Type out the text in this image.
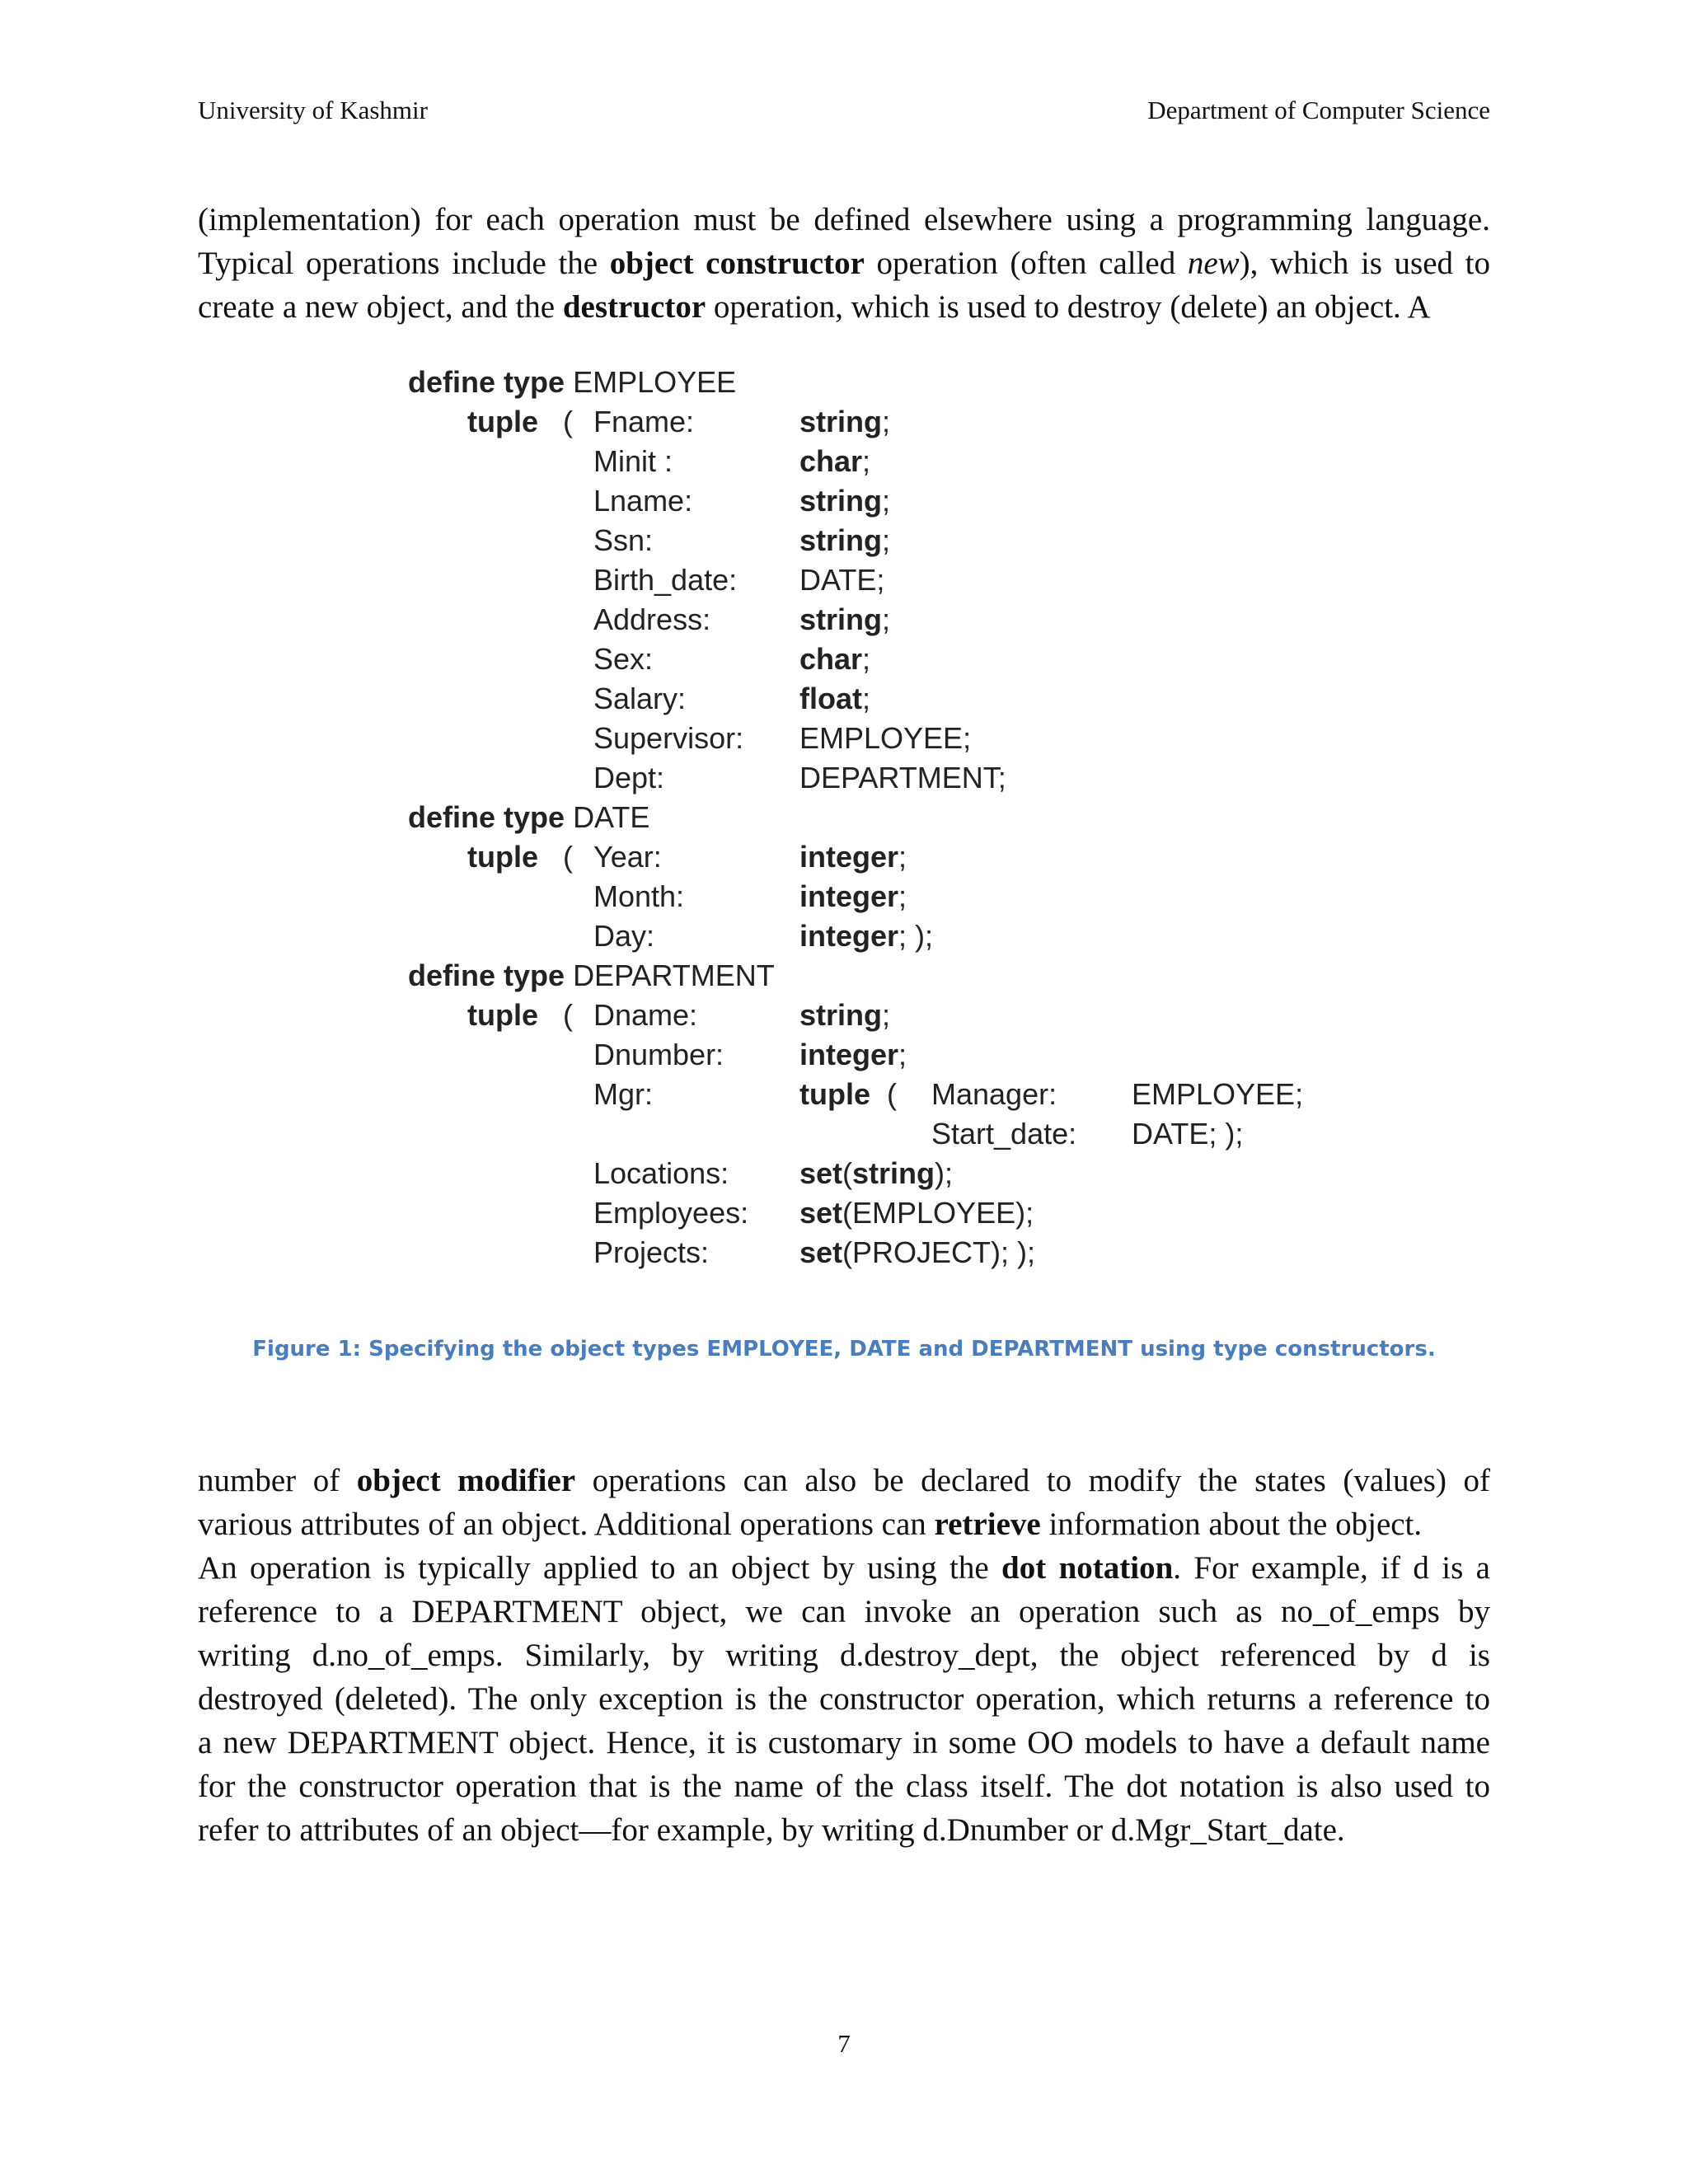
University of Kashmir	Department of Computer Science

(implementation) for each operation must be defined elsewhere using a programming language.
Typical operations include the object constructor operation (often called new), which is used to
create a new object, and the destructor operation, which is used to destroy (delete) an object. A

define type EMPLOYEE
tuple ( Fname:	string;
Minit :	char;
Lname:	string;
Ssn:	string;
Birth_date: DATE;
Address:	string;
Sex:	char;
Salary:	float;
Supervisor: EMPLOYEE;
Dept:	DEPARTMENT;
define type DATE
tuple ( Year:	integer;
Month:	integer;
Day:	integer; );
define type DEPARTMENT
tuple ( Dname:	string;
Dnumber:	integer;
Mgr:	tuple ( Manager:	EMPLOYEE;
Start_date: DATE; );
Locations: set(string);
Employees: set(EMPLOYEE);
Projects:	set(PROJECT); );
Figure 1: Specifying the object types EMPLOYEE, DATE and DEPARTMENT using type constructors.

number of object modifier operations can also be declared to modify the states (values) of
various attributes of an object. Additional operations can retrieve information about the object.
An operation is typically applied to an object by using the dot notation. For example, if d is a
reference to a DEPARTMENT object, we can invoke an operation such as no_of_emps by
writing d.no_of_emps. Similarly, by writing d.destroy_dept, the object referenced by d is
destroyed (deleted). The only exception is the constructor operation, which returns a reference to
a new DEPARTMENT object. Hence, it is customary in some OO models to have a default name
for the constructor operation that is the name of the class itself. The dot notation is also used to
refer to attributes of an object—for example, by writing d.Dnumber or d.Mgr_Start_date.

7
